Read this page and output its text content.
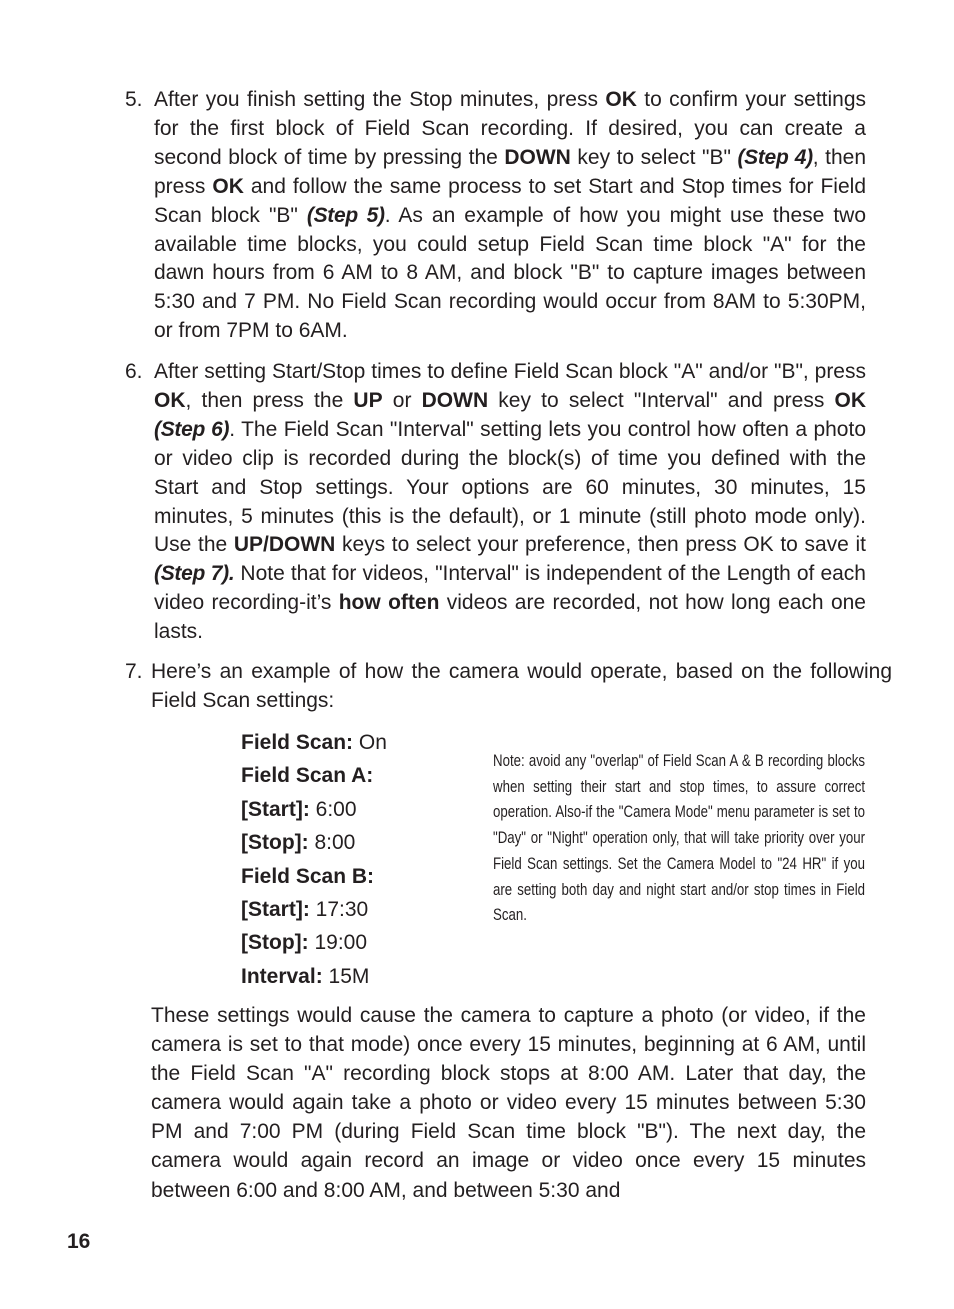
5. After you finish setting the Stop minutes, press OK to confirm your settings for the first block of Field Scan recording. If desired, you can create a second block of time by pressing the DOWN key to select "B" (Step 4), then press OK and follow the same process to set Start and Stop times for Field Scan block "B" (Step 5). As an example of how you might use these two available time blocks, you could setup Field Scan time block "A" for the dawn hours from 6 AM to 8 AM, and block "B" to capture images between 5:30 and 7 PM. No Field Scan recording would occur from 8AM to 5:30PM, or from 7PM to 6AM.
6. After setting Start/Stop times to define Field Scan block "A" and/or "B", press OK, then press the UP or DOWN key to select "Interval" and press OK (Step 6). The Field Scan "Interval" setting lets you control how often a photo or video clip is recorded during the block(s) of time you defined with the Start and Stop settings. Your options are 60 minutes, 30 minutes, 15 minutes, 5 minutes (this is the default), or 1 minute (still photo mode only). Use the UP/DOWN keys to select your preference, then press OK to save it (Step 7). Note that for videos, "Interval" is independent of the Length of each video recording-it’s how often videos are recorded, not how long each one lasts.
7. Here’s an example of how the camera would operate, based on the following Field Scan settings:
Field Scan: On
Field Scan A:
[Start]: 6:00
[Stop]: 8:00
Field Scan B:
[Start]: 17:30
[Stop]: 19:00
Interval: 15M
Note: avoid any "overlap" of Field Scan A & B recording blocks when setting their start and stop times, to assure correct operation. Also-if the "Camera Mode" menu parameter is set to "Day" or "Night" operation only, that will take priority over your Field Scan settings. Set the Camera Model to "24 HR" if you are setting both day and night start and/or stop times in Field Scan.
These settings would cause the camera to capture a photo (or video, if the camera is set to that mode) once every 15 minutes, beginning at 6 AM, until the Field Scan "A" recording block stops at 8:00 AM. Later that day, the camera would again take a photo or video every 15 minutes between 5:30 PM and 7:00 PM (during Field Scan time block "B"). The next day, the camera would again record an image or video once every 15 minutes between 6:00 and 8:00 AM, and between 5:30 and
16
